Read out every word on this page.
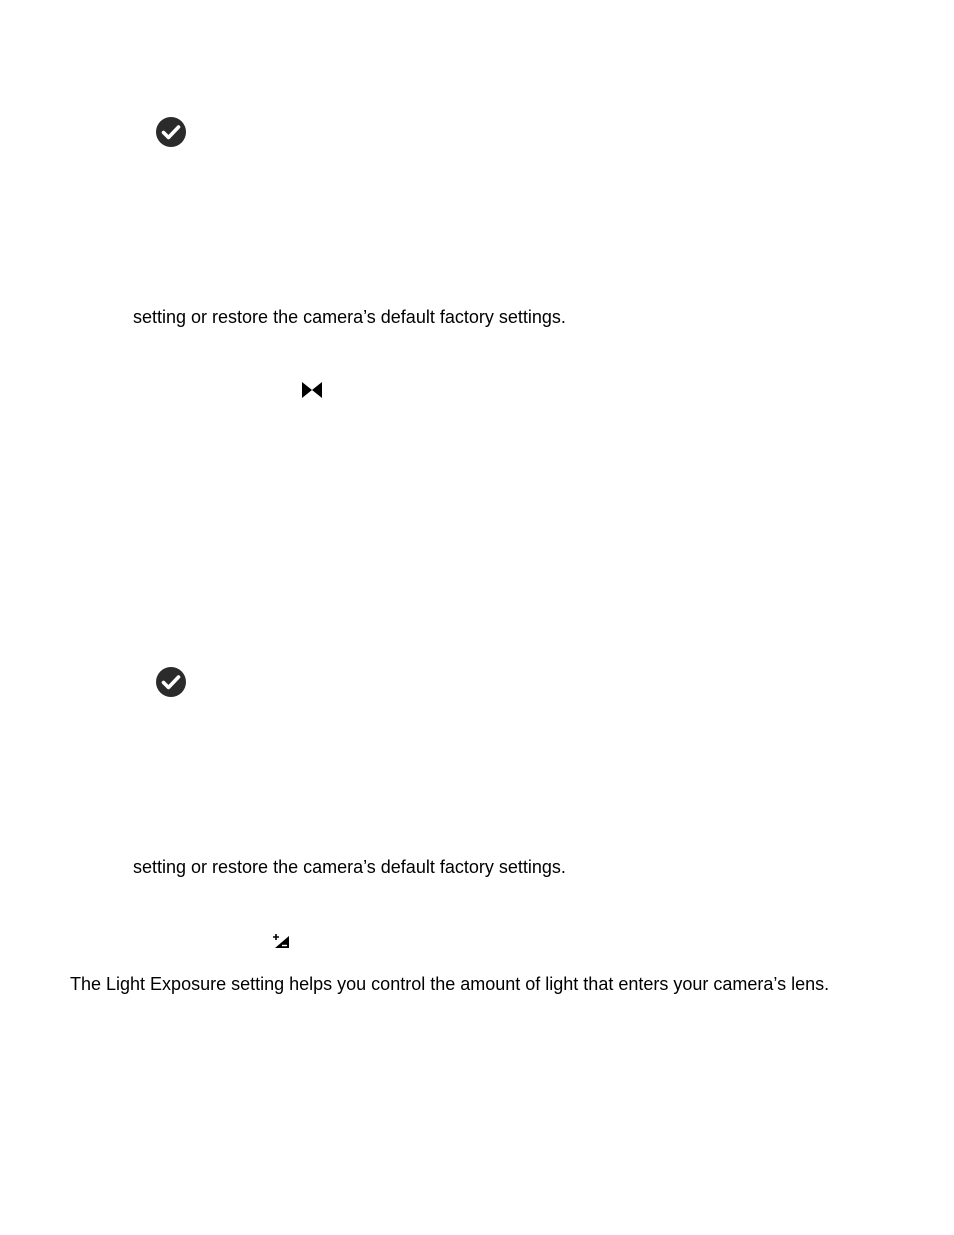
setting or restore the camera’s default factory settings.
setting or restore the camera’s default factory settings.
The Light Exposure setting helps you control the amount of light that enters your camera’s lens.
